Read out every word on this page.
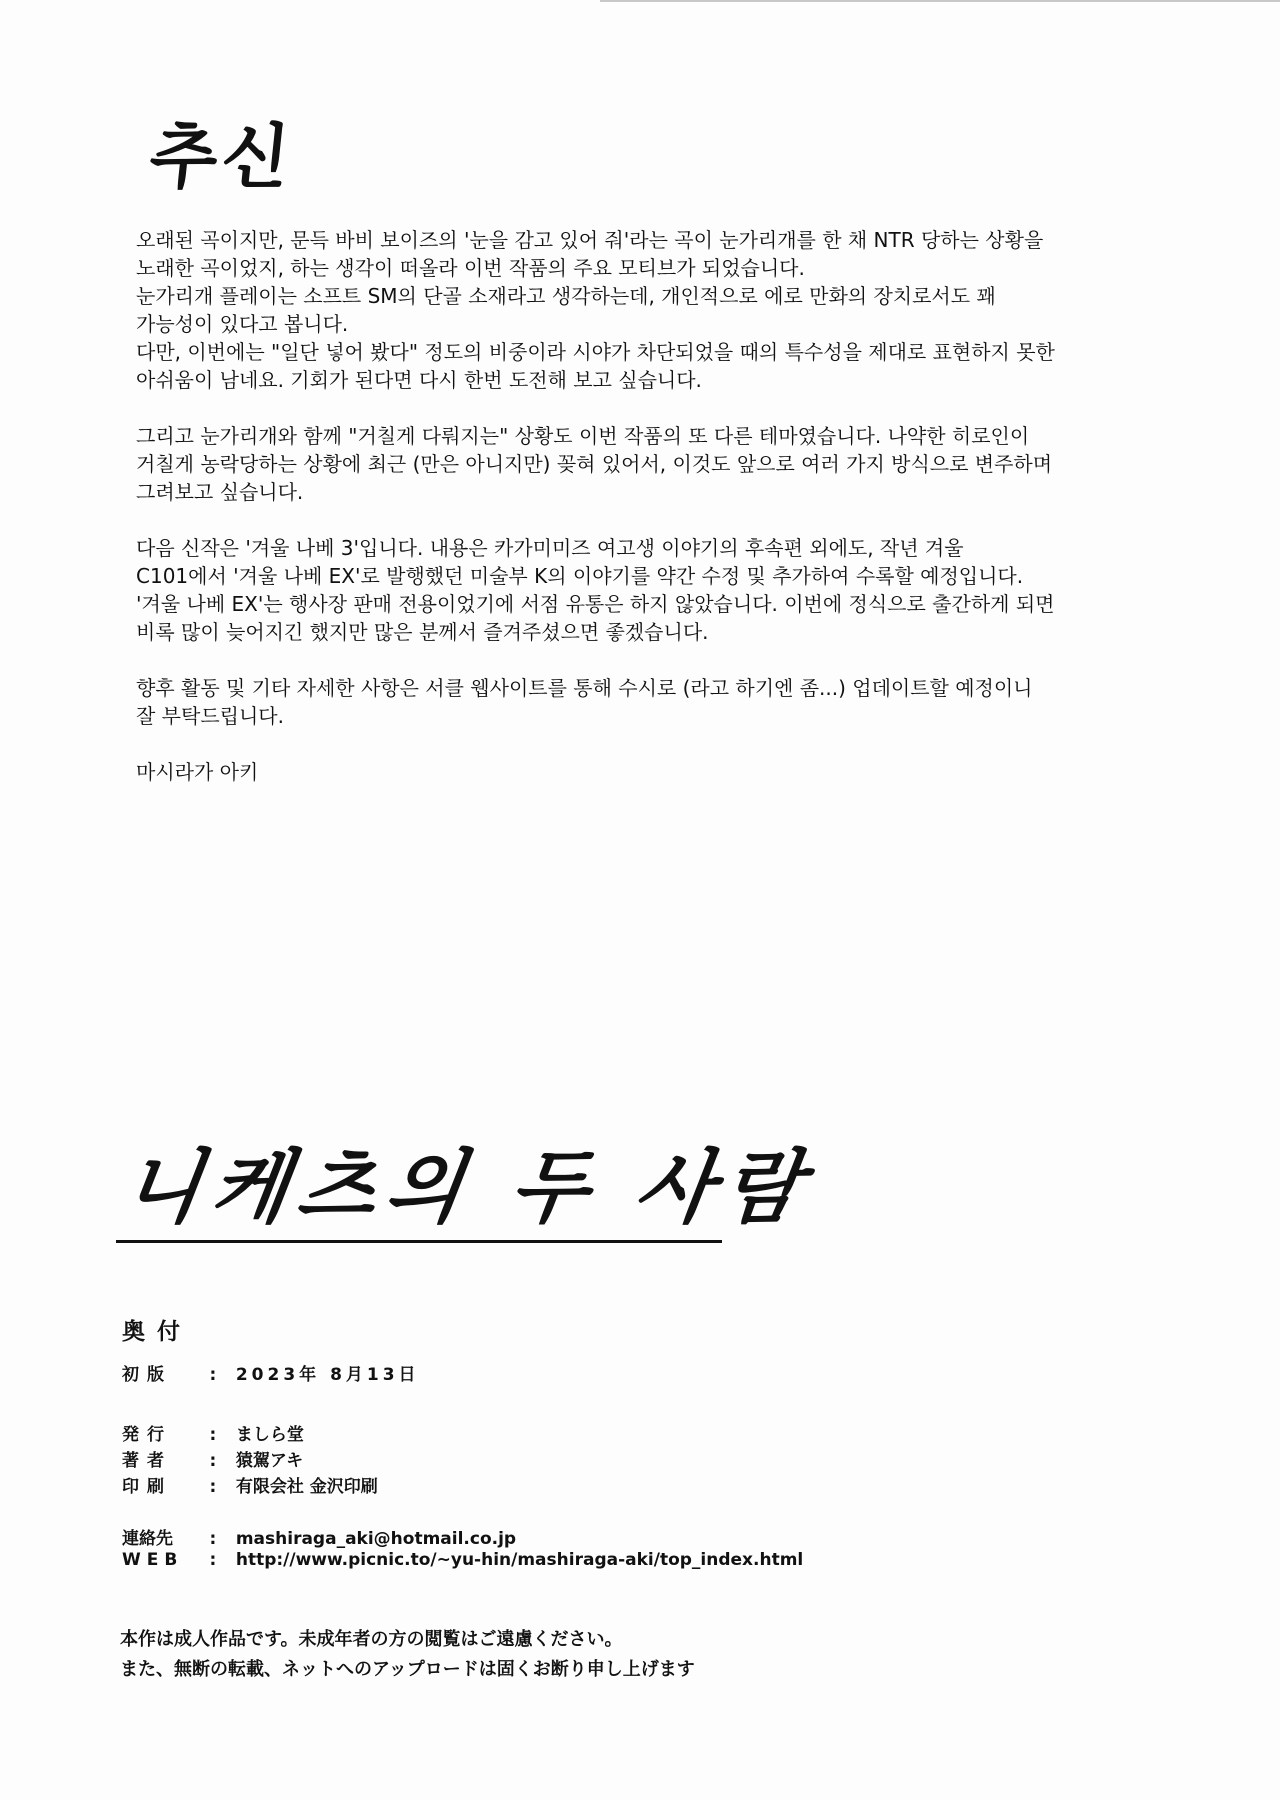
추신

오래된 곡이지만, 문득 바비 보이즈의 '눈을 감고 있어 줘'라는 곡이 눈가리개를 한 채 NTR 당하는 상황을
노래한 곡이었지, 하는 생각이 떠올라 이번 작품의 주요 모티브가 되었습니다.
눈가리개 플레이는 소프트 SM의 단골 소재라고 생각하는데, 개인적으로 에로 만화의 장치로서도 꽤
가능성이 있다고 봅니다.
다만, 이번에는 "일단 넣어 봤다" 정도의 비중이라 시야가 차단되었을 때의 특수성을 제대로 표현하지 못한
아쉬움이 남네요. 기회가 된다면 다시 한번 도전해 보고 싶습니다.

그리고 눈가리개와 함께 "거칠게 다뤄지는" 상황도 이번 작품의 또 다른 테마였습니다. 나약한 히로인이
거칠게 농락당하는 상황에 최근 (만은 아니지만) 꽂혀 있어서, 이것도 앞으로 여러 가지 방식으로 변주하며
그려보고 싶습니다.

다음 신작은 '겨울 나베 3'입니다. 내용은 카가미미즈 여고생 이야기의 후속편 외에도, 작년 겨울
C101에서 '겨울 나베 EX'로 발행했던 미술부 K의 이야기를 약간 수정 및 추가하여 수록할 예정입니다.
'겨울 나베 EX'는 행사장 판매 전용이었기에 서점 유통은 하지 않았습니다. 이번에 정식으로 출간하게 되면
비록 많이 늦어지긴 했지만 많은 분께서 즐겨주셨으면 좋겠습니다.

향후 활동 및 기타 자세한 사항은 서클 웹사이트를 통해 수시로 (라고 하기엔 좀...) 업데이트할 예정이니
잘 부탁드립니다.

마시라가 아키

니케츠의 두 사람
奥付
初版 : 2023年 8月13日
発行 : ましら堂
著者 : 猿駕アキ
印刷 : 有限会社 金沢印刷
連絡先 : mashiraga_aki@hotmail.co.jp
WEB : http://www.picnic.to/~yu-hin/mashiraga-aki/top_index.html
本作は成人作品です。未成年者の方の閲覧はご遠慮ください。
また、無断の転載、ネットへのアップロードは固くお断り申し上げます
